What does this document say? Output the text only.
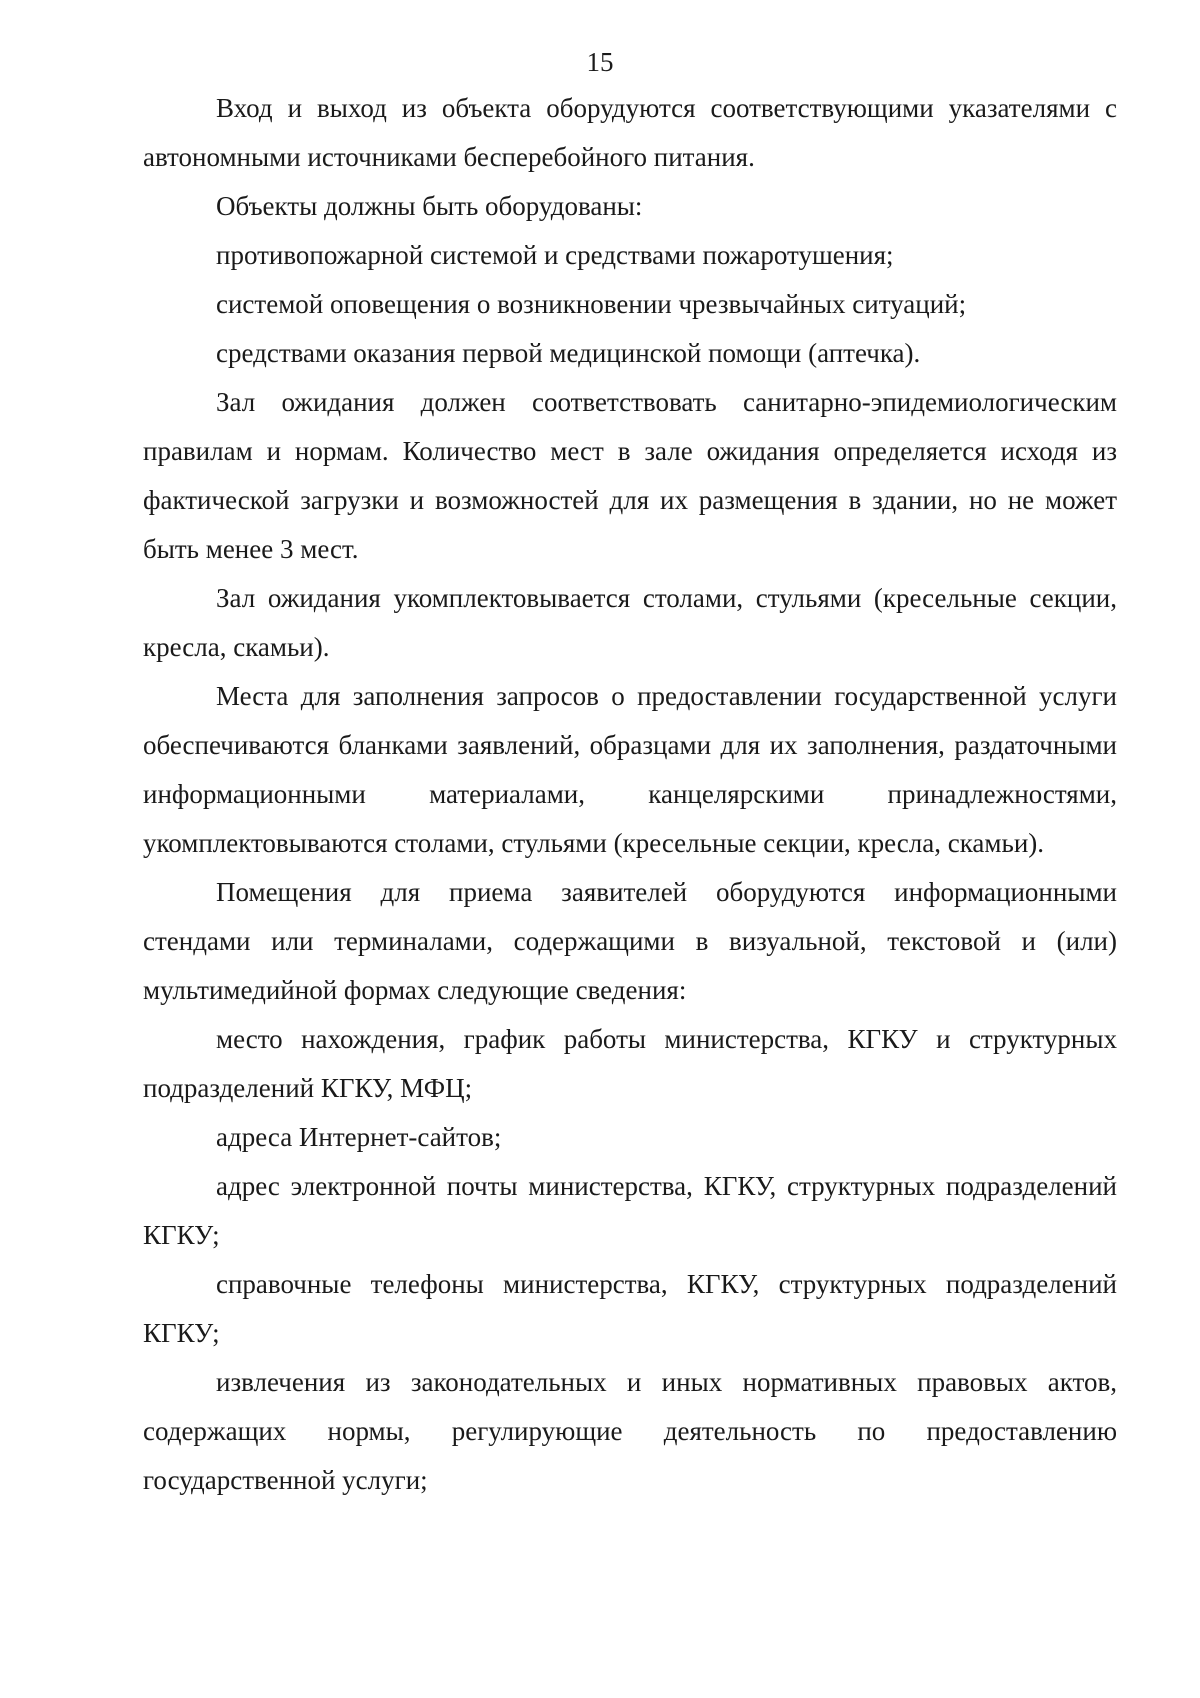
15

Вход и выход из объекта оборудуются соответствующими указателями с автономными источниками бесперебойного питания.

Объекты должны быть оборудованы:

противопожарной системой и средствами пожаротушения;

системой оповещения о возникновении чрезвычайных ситуаций;

средствами оказания первой медицинской помощи (аптечка).

Зал ожидания должен соответствовать санитарно-эпидемиологическим правилам и нормам. Количество мест в зале ожидания определяется исходя из фактической загрузки и возможностей для их размещения в здании, но не может быть менее 3 мест.

Зал ожидания укомплектовывается столами, стульями (кресельные секции, кресла, скамьи).

Места для заполнения запросов о предоставлении государственной услуги обеспечиваются бланками заявлений, образцами для их заполнения, раздаточными информационными материалами, канцелярскими принадлежностями, укомплектовываются столами, стульями (кресельные секции, кресла, скамьи).

Помещения для приема заявителей оборудуются информационными стендами или терминалами, содержащими в визуальной, текстовой и (или) мультимедийной формах следующие сведения:

место нахождения, график работы министерства, КГКУ и структурных подразделений КГКУ, МФЦ;

адреса Интернет-сайтов;

адрес электронной почты министерства, КГКУ, структурных подразделений КГКУ;

справочные телефоны министерства, КГКУ, структурных подразделений КГКУ;

извлечения из законодательных и иных нормативных правовых актов, содержащих нормы, регулирующие деятельность по предоставлению государственной услуги;
